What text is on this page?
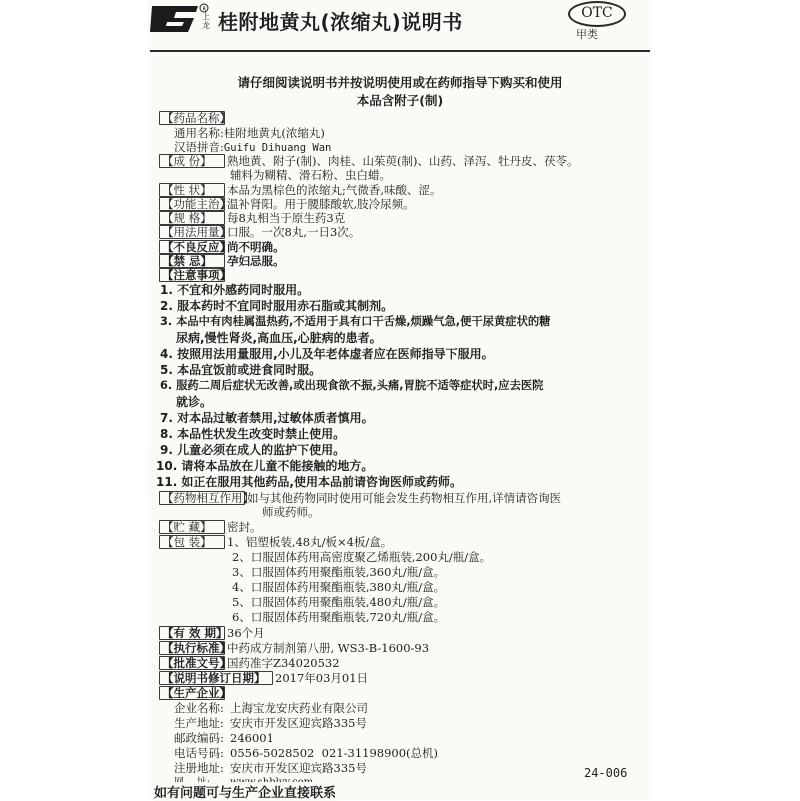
R
上龙 桂附地黄丸(浓缩丸)说明书	OTC
甲类
请仔细阅读说明书并按说明使用或在药师指导下购买和使用
本品含附子(制)
【药品名称】
通用名称:桂附地黄丸(浓缩丸)
汉语拼音:Guifu Dihuang Wan
【成 份】 熟地黄、附子(制)、肉桂、山茱萸(制)、山药、泽泻、牡丹皮、茯苓。
辅料为糊精、滑石粉、虫白蜡。
【性 状】 本品为黑棕色的浓缩丸;气微香,味酸、涩。
【功能主治】温补肾阳。用于腰膝酸软,肢冷尿频。
【规 格】 每8丸相当于原生药3克
【用法用量】口服。一次8丸,一日3次。
【不良反应】尚不明确。
【禁 忌】 孕妇忌服。
【注意事项】
1. 不宜和外感药同时服用。
2. 服本药时不宜同时服用赤石脂或其制剂。
3. 本品中有肉桂属温热药,不适用于具有口干舌燥,烦躁气急,便干尿黄症状的糖
尿病,慢性肾炎,高血压,心脏病的患者。
4. 按照用法用量服用,小儿及年老体虚者应在医师指导下服用。
5. 本品宜饭前或进食同时服。
6. 服药二周后症状无改善,或出现食欲不振,头痛,胃脘不适等症状时,应去医院
就诊。
7. 对本品过敏者禁用,过敏体质者慎用。
8. 本品性状发生改变时禁止使用。
9. 儿童必须在成人的监护下使用。
10. 请将本品放在儿童不能接触的地方。
11. 如正在服用其他药品,使用本品前请咨询医师或药师。
【药物相互作用】如与其他药物同时使用可能会发生药物相互作用,详情请咨询医
师或药师。
【贮 藏】 密封。
【包 装】 1、铝塑板装,48丸/板×4板/盒。
2、口服固体药用高密度聚乙烯瓶装,200丸/瓶/盒。
3、口服固体药用聚酯瓶装,360丸/瓶/盒。
4、口服固体药用聚酯瓶装,380丸/瓶/盒。
5、口服固体药用聚酯瓶装,480丸/瓶/盒。
6、口服固体药用聚酯瓶装,720丸/瓶/盒。
【有 效 期】36个月
【执行标准】中药成方制剂第八册, WS3-B-1600-93
【批准文号】国药准字Z34020532
【说明书修订日期】 2017年03月01日
【生产企业】
企业名称: 上海宝龙安庆药业有限公司
生产地址: 安庆市开发区迎宾路335号
邮政编码: 246001
电话号码: 0556-5028502  021-31198900(总机)
注册地址: 安庆市开发区迎宾路335号	24-006
如有问题可与生产企业直接联系
